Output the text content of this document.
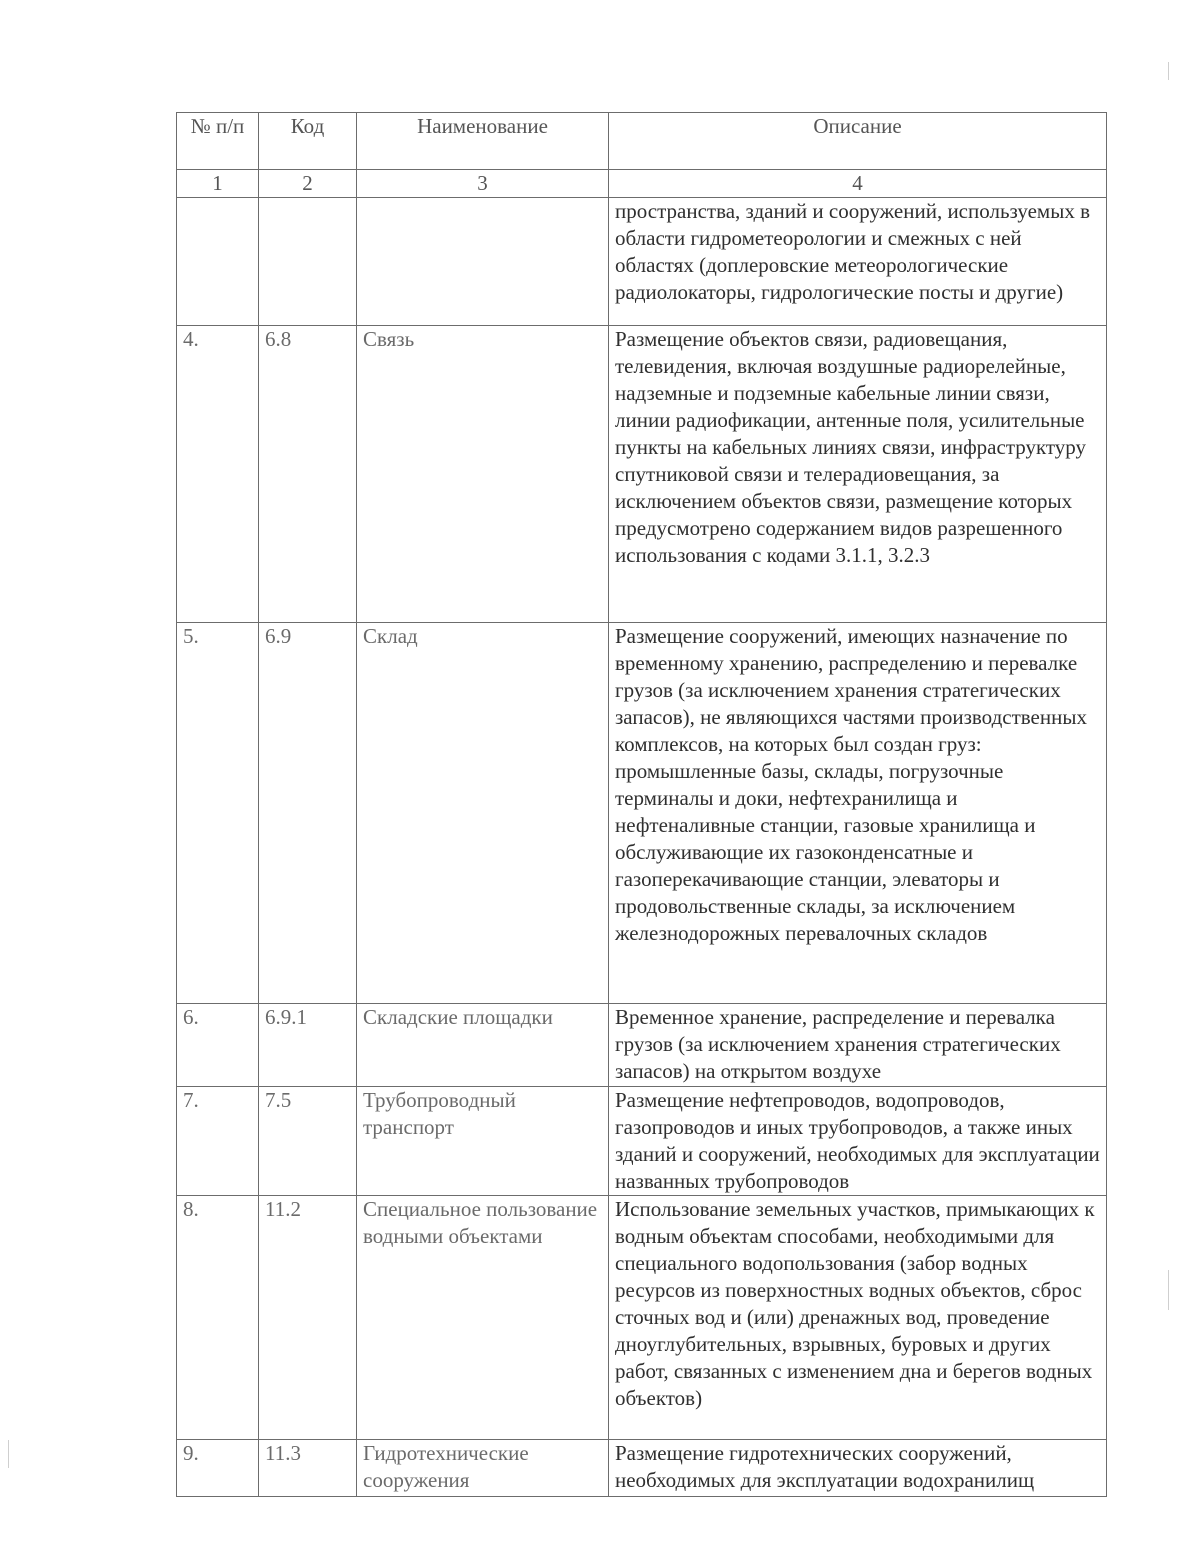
№ п/п	Код	Наименование	Описание
1	2	3	4
			пространства, зданий и сооружений, используемых в области гидрометеорологии и смежных с ней областях (доплеровские метеорологические радиолокаторы, гидрологические посты и другие)
4.	6.8	Связь	Размещение объектов связи, радиовещания, телевидения, включая воздушные радиорелейные, надземные и подземные кабельные линии связи, линии радиофикации, антенные поля, усилительные пункты на кабельных линиях связи, инфраструктуру спутниковой связи и телерадиовещания, за исключением объектов связи, размещение которых предусмотрено содержанием видов разрешенного использования с кодами 3.1.1, 3.2.3
5.	6.9	Склад	Размещение сооружений, имеющих назначение по временному хранению, распределению и перевалке грузов (за исключением хранения стратегических запасов), не являющихся частями производственных комплексов, на которых был создан груз: промышленные базы, склады, погрузочные терминалы и доки, нефтехранилища и нефтеналивные станции, газовые хранилища и обслуживающие их газоконденсатные и газоперекачивающие станции, элеваторы и продовольственные склады, за исключением железнодорожных перевалочных складов
6.	6.9.1	Складские площадки	Временное хранение, распределение и перевалка грузов (за исключением хранения стратегических запасов) на открытом воздухе
7.	7.5	Трубопроводный транспорт	Размещение нефтепроводов, водопроводов, газопроводов и иных трубопроводов, а также иных зданий и сооружений, необходимых для эксплуатации названных трубопроводов
8.	11.2	Специальное пользование водными объектами	Использование земельных участков, примыкающих к водным объектам способами, необходимыми для специального водопользования (забор водных ресурсов из поверхностных водных объектов, сброс сточных вод и (или) дренажных вод, проведение дноуглубительных, взрывных, буровых и других работ, связанных с изменением дна и берегов водных объектов)
9.	11.3	Гидротехнические сооружения	Размещение гидротехнических сооружений, необходимых для эксплуатации водохранилищ
